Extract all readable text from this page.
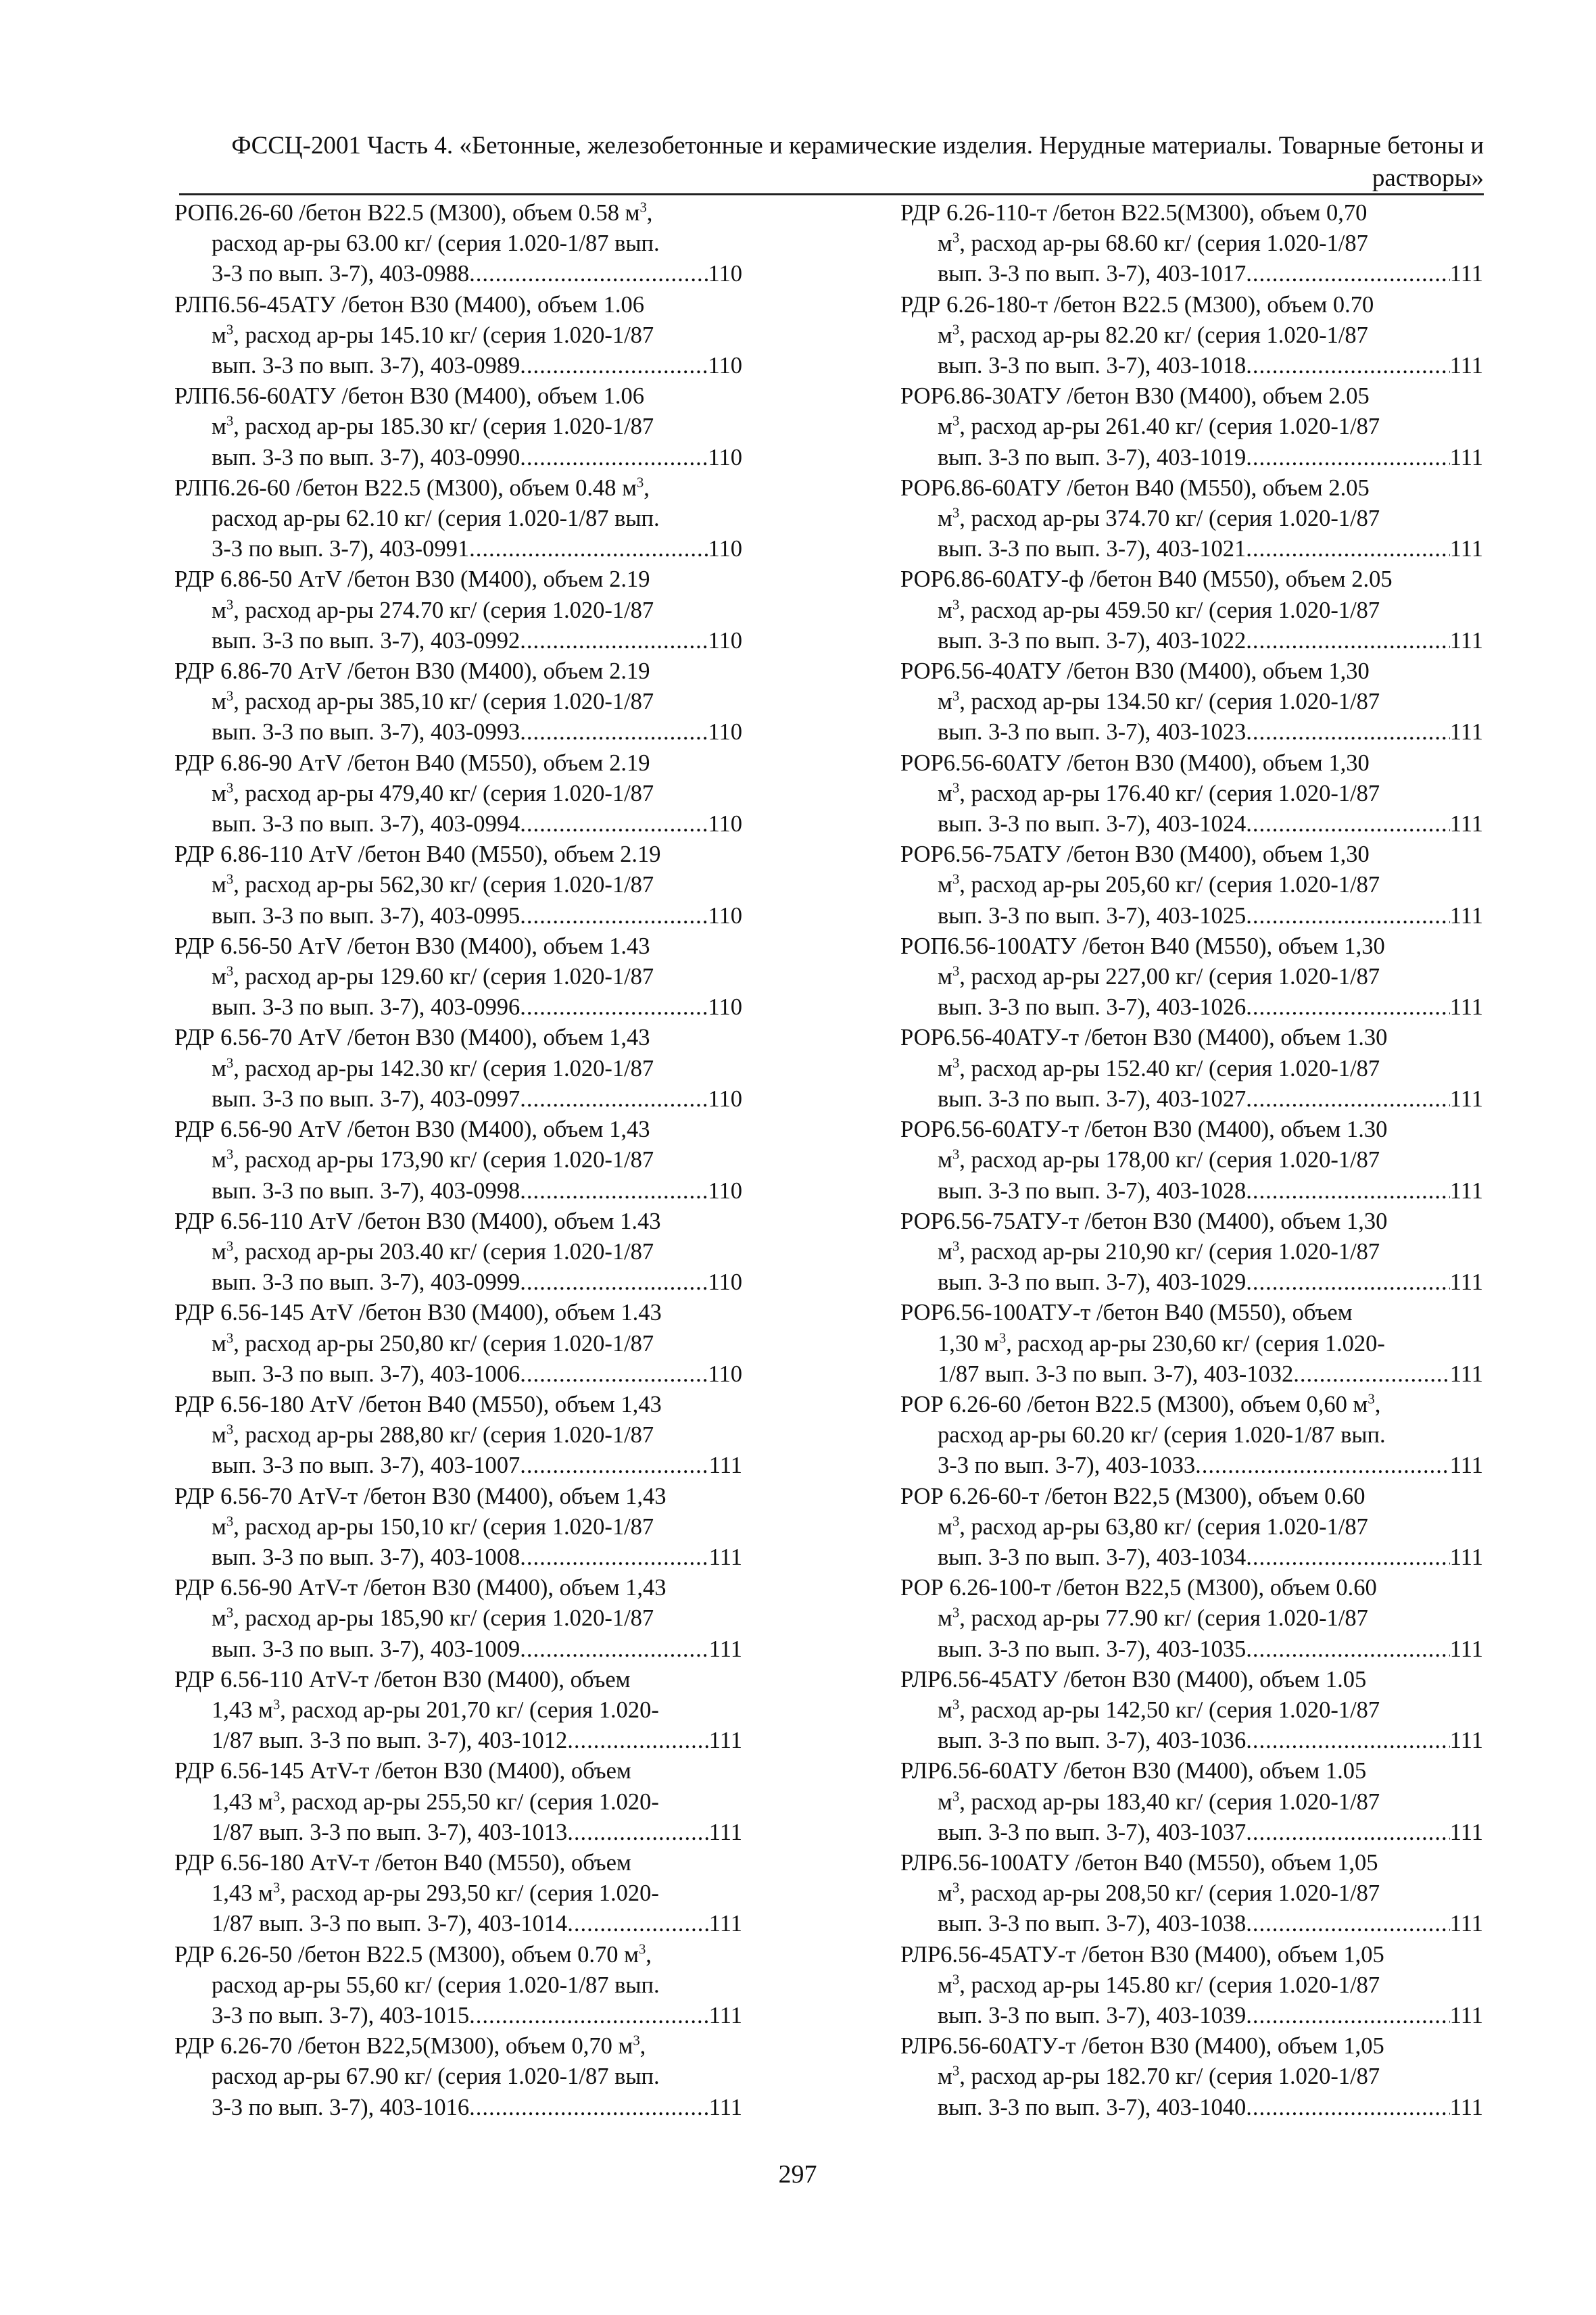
ФССЦ-2001 Часть 4. «Бетонные, железобетонные и керамические изделия. Нерудные материалы. Товарные бетоны и растворы»
РОП6.26-60 /бетон В22.5 (М300), объем 0.58 $м^3$,
расход ар-ры 63.00 кг/ (серия 1.020-1/87 вып.
3-3 по вып. 3-7), 403-0988 .....	110
РЛП6.56-45АТУ /бетон В30 (М400), объем 1.06
$м^3$, расход ар-ры 145.10 кг/ (серия 1.020-1/87
вып. 3-3 по вып. 3-7), 403-0989 .....	110
РЛП6.56-60АТУ /бетон В30 (М400), объем 1.06
$м^3$, расход ар-ры 185.30 кг/ (серия 1.020-1/87
вып. 3-3 по вып. 3-7), 403-0990 .....	110
РЛП6.26-60 /бетон В22.5 (М300), объем 0.48 $м^3$,
расход ар-ры 62.10 кг/ (серия 1.020-1/87 вып.
3-3 по вып. 3-7), 403-0991 .....	110
РДР 6.86-50 AтV /бетон В30 (М400), объем 2.19
$м^3$, расход ар-ры 274.70 кг/ (серия 1.020-1/87
вып. 3-3 по вып. 3-7), 403-0992 .....	110
РДР 6.86-70 AтV /бетон В30 (М400), объем 2.19
$м^3$, расход ар-ры 385,10 кг/ (серия 1.020-1/87
вып. 3-3 по вып. 3-7), 403-0993 .....	110
РДР 6.86-90 AтV /бетон В40 (М550), объем 2.19
$м^3$, расход ар-ры 479,40 кг/ (серия 1.020-1/87
вып. 3-3 по вып. 3-7), 403-0994 .....	110
РДР 6.86-110 AтV /бетон В40 (М550), объем 2.19
$м^3$, расход ар-ры 562,30 кг/ (серия 1.020-1/87
вып. 3-3 по вып. 3-7), 403-0995 .....	110
РДР 6.56-50 AтV /бетон В30 (М400), объем 1.43
$м^3$, расход ар-ры 129.60 кг/ (серия 1.020-1/87
вып. 3-3 по вып. 3-7), 403-0996 .....	110
РДР 6.56-70 AтV /бетон В30 (М400), объем 1,43
$м^3$, расход ар-ры 142.30 кг/ (серия 1.020-1/87
вып. 3-3 по вып. 3-7), 403-0997 .....	110
РДР 6.56-90 AтV /бетон В30 (М400), объем 1,43
$м^3$, расход ар-ры 173,90 кг/ (серия 1.020-1/87
вып. 3-3 по вып. 3-7), 403-0998 .....	110
РДР 6.56-110 AтV /бетон В30 (М400), объем 1.43
$м^3$, расход ар-ры 203.40 кг/ (серия 1.020-1/87
вып. 3-3 по вып. 3-7), 403-0999 .....	110
РДР 6.56-145 AтV /бетон В30 (М400), объем 1.43
$м^3$, расход ар-ры 250,80 кг/ (серия 1.020-1/87
вып. 3-3 по вып. 3-7), 403-1006 .....	110
РДР 6.56-180 AтV /бетон В40 (М550), объем 1,43
$м^3$, расход ар-ры 288,80 кг/ (серия 1.020-1/87
вып. 3-3 по вып. 3-7), 403-1007 .....	111
РДР 6.56-70 AтV-т /бетон В30 (М400), объем 1,43
$м^3$, расход ар-ры 150,10 кг/ (серия 1.020-1/87
вып. 3-3 по вып. 3-7), 403-1008 .....	111
РДР 6.56-90 AтV-т /бетон В30 (М400), объем 1,43
$м^3$, расход ар-ры 185,90 кг/ (серия 1.020-1/87
вып. 3-3 по вып. 3-7), 403-1009 .....	111
РДР 6.56-110 AтV-т /бетон В30 (М400), объем
1,43 $м^3$, расход ар-ры 201,70 кг/ (серия 1.020-
1/87 вып. 3-3 по вып. 3-7), 403-1012 .....	111
РДР 6.56-145 AтV-т /бетон В30 (М400), объем
1,43 $м^3$, расход ар-ры 255,50 кг/ (серия 1.020-
1/87 вып. 3-3 по вып. 3-7), 403-1013 .....	111
РДР 6.56-180 AтV-т /бетон В40 (М550), объем
1,43 $м^3$, расход ар-ры 293,50 кг/ (серия 1.020-
1/87 вып. 3-3 по вып. 3-7), 403-1014 .....	111
РДР 6.26-50 /бетон В22.5 (М300), объем 0.70 $м^3$,
расход ар-ры 55,60 кг/ (серия 1.020-1/87 вып.
3-3 по вып. 3-7), 403-1015 .....	111
РДР 6.26-70 /бетон В22,5(М300), объем 0,70 $м^3$,
расход ар-ры 67.90 кг/ (серия 1.020-1/87 вып.
3-3 по вып. 3-7), 403-1016 .....	111
РДР 6.26-110-т /бетон В22.5(М300), объем 0,70
$м^3$, расход ар-ры 68.60 кг/ (серия 1.020-1/87
вып. 3-3 по вып. 3-7), 403-1017 .....	111
РДР 6.26-180-т /бетон В22.5 (М300), объем 0.70
$м^3$, расход ар-ры 82.20 кг/ (серия 1.020-1/87
вып. 3-3 по вып. 3-7), 403-1018 .....	111
РОР6.86-30АТУ /бетон В30 (М400), объем 2.05
$м^3$, расход ар-ры 261.40 кг/ (серия 1.020-1/87
вып. 3-3 по вып. 3-7), 403-1019 .....	111
РОР6.86-60АТУ /бетон В40 (М550), объем 2.05
$м^3$, расход ар-ры 374.70 кг/ (серия 1.020-1/87
вып. 3-3 по вып. 3-7), 403-1021 .....	111
РОР6.86-60АТУ-ф /бетон В40 (М550), объем 2.05
$м^3$, расход ар-ры 459.50 кг/ (серия 1.020-1/87
вып. 3-3 по вып. 3-7), 403-1022 .....	111
РОР6.56-40АТУ /бетон В30 (М400), объем 1,30
$м^3$, расход ар-ры 134.50 кг/ (серия 1.020-1/87
вып. 3-3 по вып. 3-7), 403-1023 .....	111
РОР6.56-60АТУ /бетон В30 (М400), объем 1,30
$м^3$, расход ар-ры 176.40 кг/ (серия 1.020-1/87
вып. 3-3 по вып. 3-7), 403-1024 .....	111
РОР6.56-75АТУ /бетон В30 (М400), объем 1,30
$м^3$, расход ар-ры 205,60 кг/ (серия 1.020-1/87
вып. 3-3 по вып. 3-7), 403-1025 .....	111
РОП6.56-100АТУ /бетон В40 (М550), объем 1,30
$м^3$, расход ар-ры 227,00 кг/ (серия 1.020-1/87
вып. 3-3 по вып. 3-7), 403-1026 .....	111
РОР6.56-40АТУ-т /бетон В30 (М400), объем 1.30
$м^3$, расход ар-ры 152.40 кг/ (серия 1.020-1/87
вып. 3-3 по вып. 3-7), 403-1027 .....	111
РОР6.56-60АТУ-т /бетон В30 (М400), объем 1.30
$м^3$, расход ар-ры 178,00 кг/ (серия 1.020-1/87
вып. 3-3 по вып. 3-7), 403-1028 .....	111
РОР6.56-75АТУ-т /бетон В30 (М400), объем 1,30
$м^3$, расход ар-ры 210,90 кг/ (серия 1.020-1/87
вып. 3-3 по вып. 3-7), 403-1029 .....	111
РОР6.56-100АТУ-т /бетон В40 (М550), объем
1,30 $м^3$, расход ар-ры 230,60 кг/ (серия 1.020-
1/87 вып. 3-3 по вып. 3-7), 403-1032 .....	111
РОР 6.26-60 /бетон В22.5 (М300), объем 0,60 $м^3$,
расход ар-ры 60.20 кг/ (серия 1.020-1/87 вып.
3-3 по вып. 3-7), 403-1033 .....	111
РОР 6.26-60-т /бетон В22,5 (М300), объем 0.60
$м^3$, расход ар-ры 63,80 кг/ (серия 1.020-1/87
вып. 3-3 по вып. 3-7), 403-1034 .....	111
РОР 6.26-100-т /бетон В22,5 (М300), объем 0.60
$м^3$, расход ар-ры 77.90 кг/ (серия 1.020-1/87
вып. 3-3 по вып. 3-7), 403-1035 .....	111
РЛР6.56-45АТУ /бетон В30 (М400), объем 1.05
$м^3$, расход ар-ры 142,50 кг/ (серия 1.020-1/87
вып. 3-3 по вып. 3-7), 403-1036 .....	111
РЛР6.56-60АТУ /бетон В30 (М400), объем 1.05
$м^3$, расход ар-ры 183,40 кг/ (серия 1.020-1/87
вып. 3-3 по вып. 3-7), 403-1037 .....	111
РЛР6.56-100АТУ /бетон В40 (М550), объем 1,05
$м^3$, расход ар-ры 208,50 кг/ (серия 1.020-1/87
вып. 3-3 по вып. 3-7), 403-1038 .....	111
РЛР6.56-45АТУ-т /бетон В30 (М400), объем 1,05
$м^3$, расход ар-ры 145.80 кг/ (серия 1.020-1/87
вып. 3-3 по вып. 3-7), 403-1039 .....	111
РЛР6.56-60АТУ-т /бетон В30 (М400), объем 1,05
$м^3$, расход ар-ры 182.70 кг/ (серия 1.020-1/87
вып. 3-3 по вып. 3-7), 403-1040 .....	111
297
